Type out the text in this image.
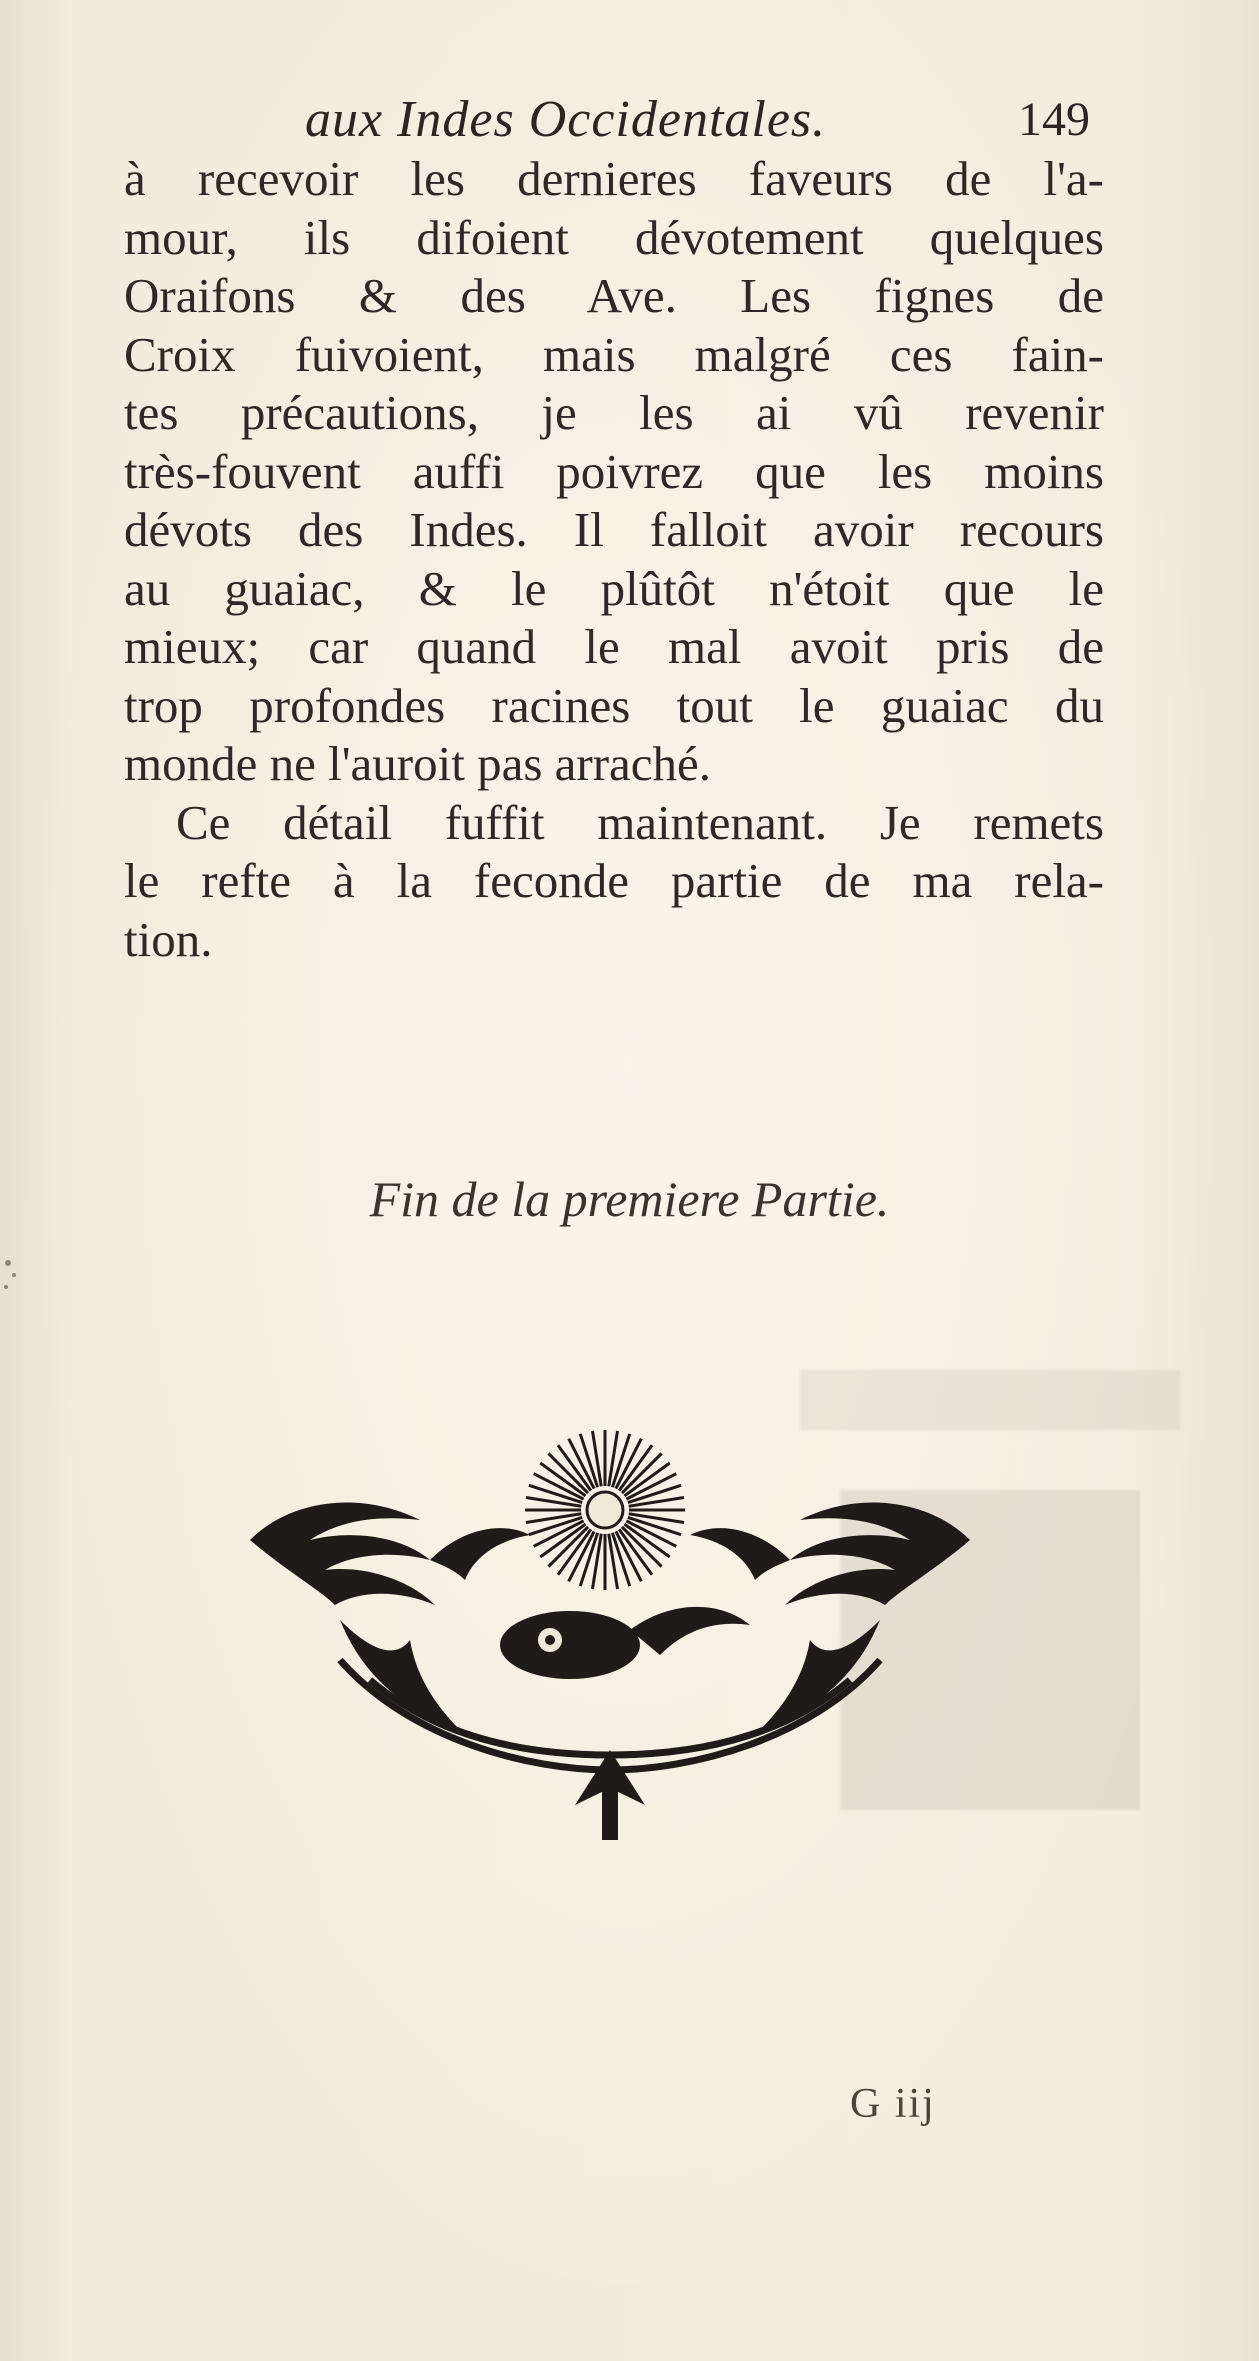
aux Indes Occidentales.	149
à recevoir les dernieres faveurs de l'a-
mour, ils difoient dévotement quelques
Oraifons & des Ave. Les fignes de
Croix fuivoient, mais malgré ces fain-
tes précautions, je les ai vû revenir
très-fouvent auffi poivrez que les moins
dévots des Indes. Il falloit avoir recours
au guaiac, & le plûtôt n'étoit que le
mieux; car quand le mal avoit pris de
trop profondes racines tout le guaiac du
monde ne l'auroit pas arraché.
Ce détail fuffit maintenant. Je remets
le refte à la feconde partie de ma rela-
tion.
Fin de la premiere Partie.
G iij
